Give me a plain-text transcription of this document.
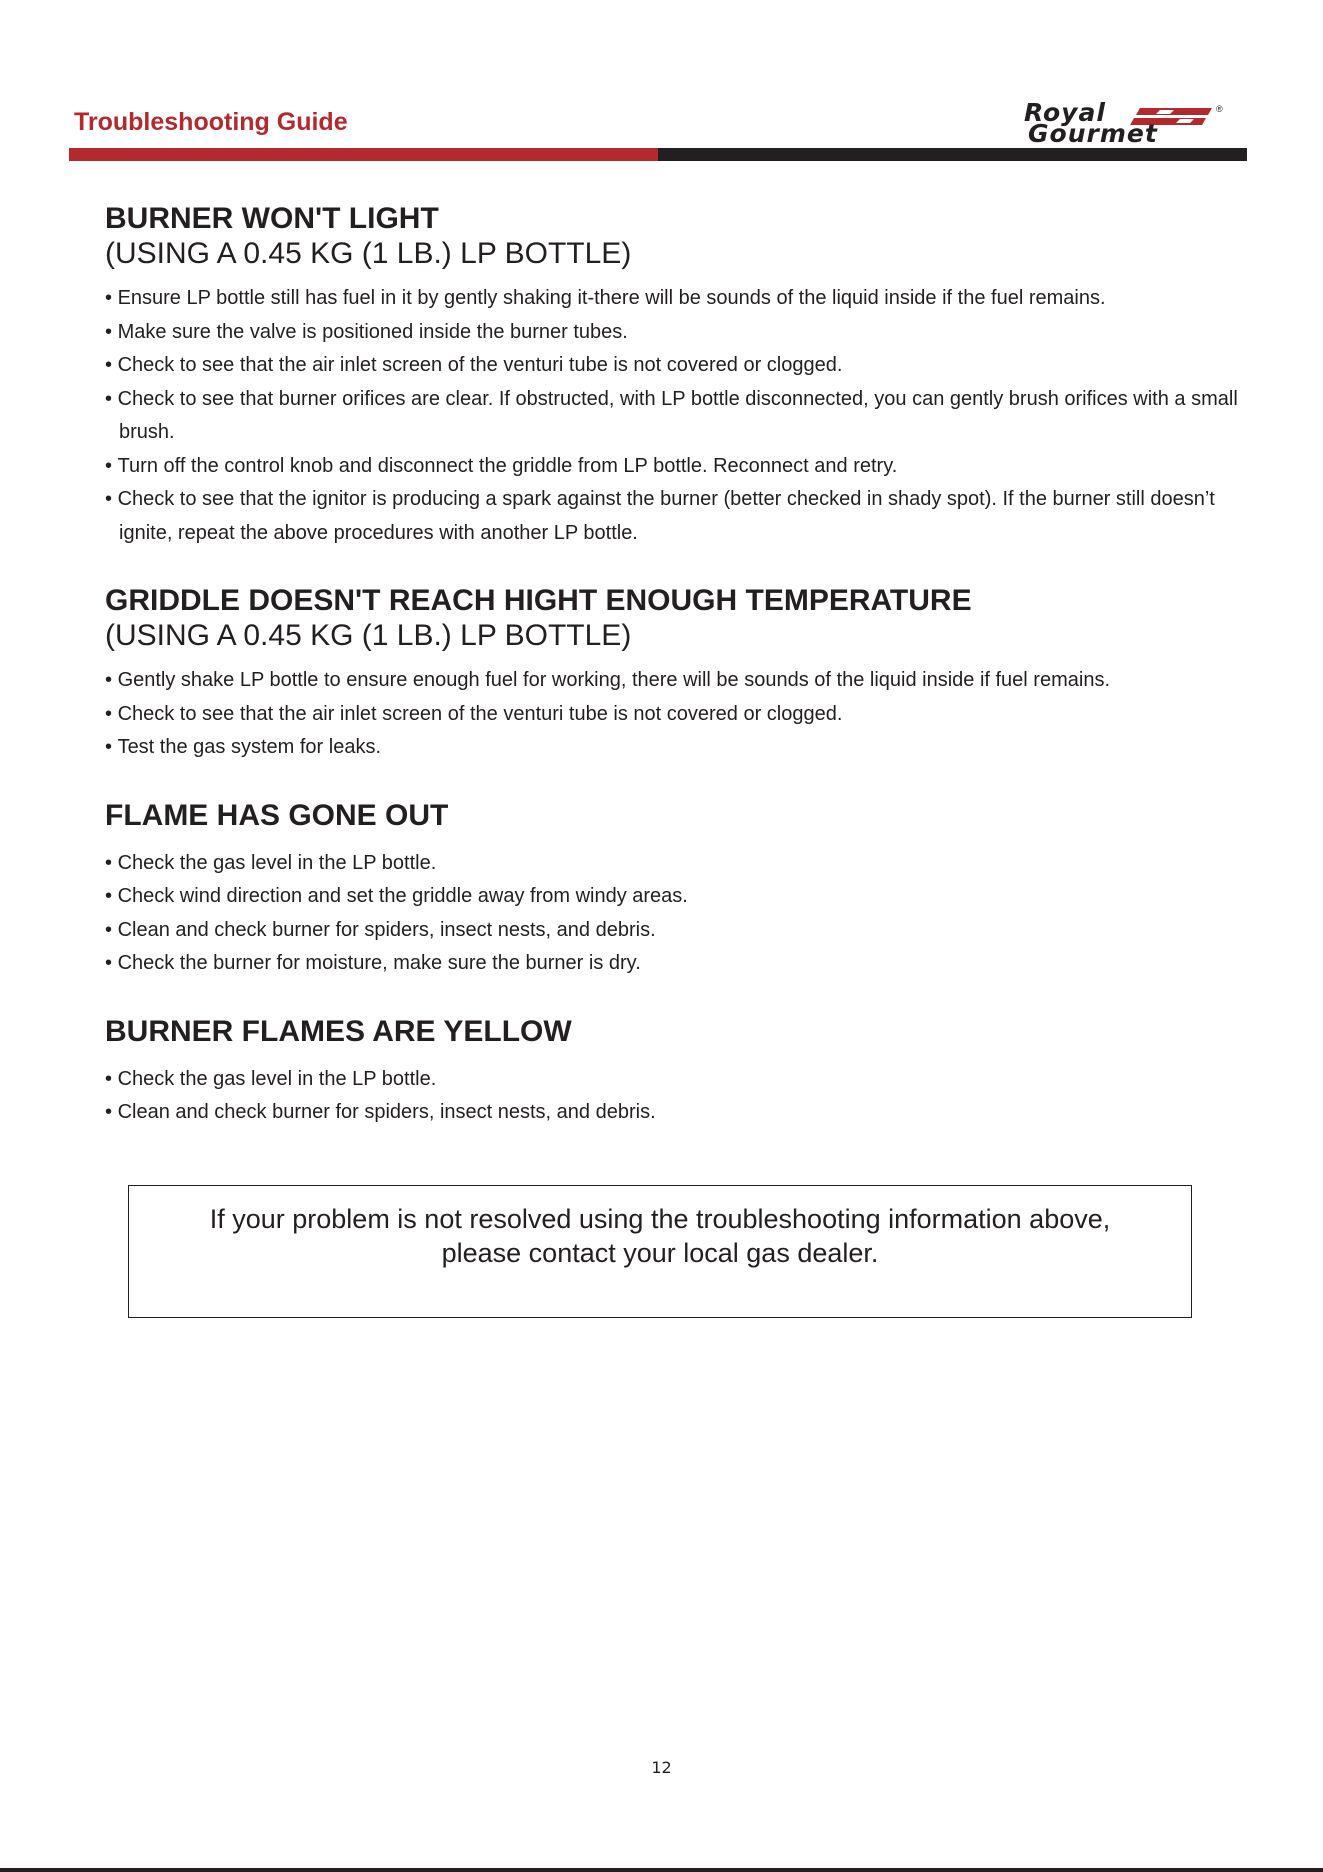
Troubleshooting Guide	Royal
Gourmet
®
BURNER WON'T LIGHT
(USING A 0.45 KG (1 LB.) LP BOTTLE)
• Ensure LP bottle still has fuel in it by gently shaking it-there will be sounds of the liquid inside if the fuel remains.
• Make sure the valve is positioned inside the burner tubes.
• Check to see that the air inlet screen of the venturi tube is not covered or clogged.
• Check to see that burner orifices are clear. If obstructed, with LP bottle disconnected, you can gently brush orifices with a small brush.
• Turn off the control knob and disconnect the griddle from LP bottle. Reconnect and retry.
• Check to see that the ignitor is producing a spark against the burner (better checked in shady spot). If the burner still doesn’t ignite, repeat the above procedures with another LP bottle.
GRIDDLE DOESN'T REACH HIGHT ENOUGH TEMPERATURE
(USING A 0.45 KG (1 LB.) LP BOTTLE)
• Gently shake LP bottle to ensure enough fuel for working, there will be sounds of the liquid inside if fuel remains.
• Check to see that the air inlet screen of the venturi tube is not covered or clogged.
• Test the gas system for leaks.
FLAME HAS GONE OUT
• Check the gas level in the LP bottle.
• Check wind direction and set the griddle away from windy areas.
• Clean and check burner for spiders, insect nests, and debris.
• Check the burner for moisture, make sure the burner is dry.
BURNER FLAMES ARE YELLOW
• Check the gas level in the LP bottle.
• Clean and check burner for spiders, insect nests, and debris.
If your problem is not resolved using the troubleshooting information above,
please contact your local gas dealer.
12
